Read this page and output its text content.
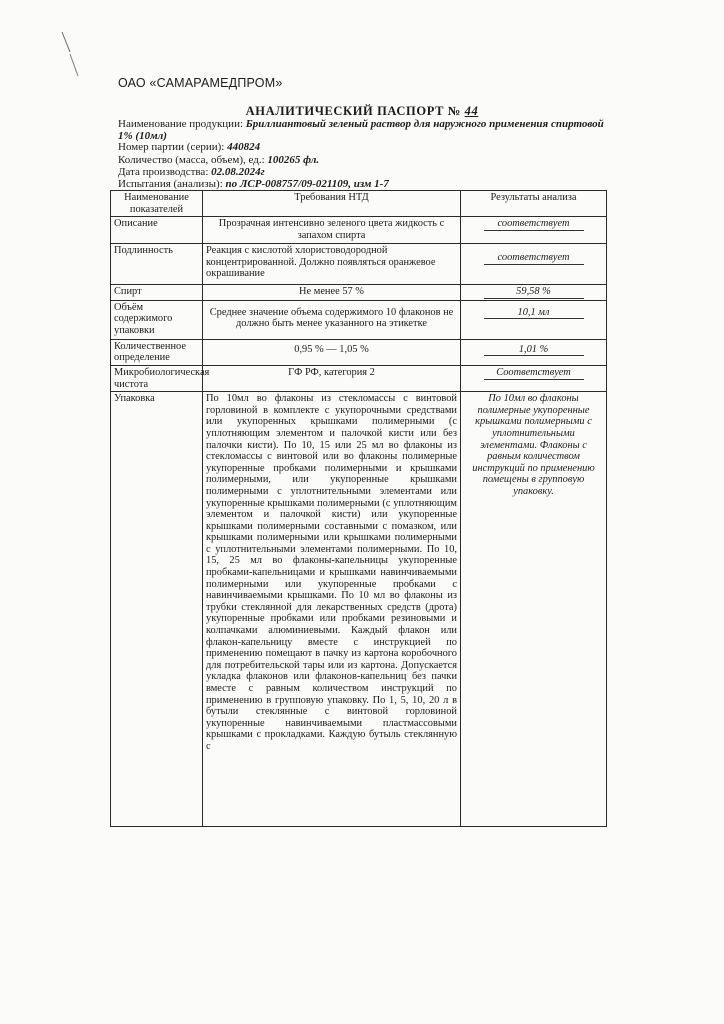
ОАО «САМАРАМЕДПРОМ»
АНАЛИТИЧЕСКИЙ ПАСПОРТ № 44
Наименование продукции: Бриллиантовый зеленый раствор для наружного применения спиртовой 1% (10мл)
Номер партии (серии): 440824
Количество (масса, объем), ед.: 100265 фл.
Дата производства: 02.08.2024г
Испытания (анализы): по ЛСР-008757/09-021109, изм 1-7
Наименование показателей	Требования НТД	Результаты анализа
Описание	Прозрачная интенсивно зеленого цвета жидкость с запахом спирта	соответствует
Подлинность	Реакция с кислотой хлористоводородной концентрированной. Должно появляться оранжевое окрашивание	соответствует
Спирт	Не менее 57 %	59,58 %
Объём содержимого упаковки	Среднее значение объема содержимого 10 флаконов не должно быть менее указанного на этикетке	10,1 мл
Количественное определение	0,95 % — 1,05 %	1,01 %
Микробиологическая чистота	ГФ РФ, категория 2	Соответствует
Упаковка	По 10мл во флаконы из стекломассы с винтовой горловиной в комплекте с укупорочными средствами или укупоренных крышками полимерными (с уплотняющим элементом и палочкой кисти или без палочки кисти). По 10, 15 или 25 мл во флаконы из стекломассы с винтовой или во флаконы полимерные укупоренные пробками полимерными и крышками полимерными, или укупоренные крышками полимерными с уплотнительными элементами или укупоренные крышками полимерными (с уплотняющим элементом и палочкой кисти) или укупоренные крышками полимерными составными с помазком, или крышками полимерными или крышками полимерными с уплотнительными элементами полимерными. По 10, 15, 25 мл во флаконы-капельницы укупоренные пробками-капельницами и крышками навинчиваемыми полимерными или укупоренные пробками с навинчиваемыми крышками. По 10 мл во флаконы из трубки стеклянной для лекарственных средств (дрота) укупоренные пробками или пробками резиновыми и колпачками алюминиевыми. Каждый флакон или флакон-капельницу вместе с инструкцией по применению помещают в пачку из картона коробочного для потребительской тары или из картона. Допускается укладка флаконов или флаконов-капельниц без пачки вместе с равным количеством инструкций по применению в групповую упаковку. По 1, 5, 10, 20 л в бутыли стеклянные с винтовой горловиной укупоренные навинчиваемыми пластмассовыми крышками с прокладками. Каждую бутыль стеклянную с	По 10мл во флаконы полимерные укупоренные крышками полимерными с уплотнительными элементами. Флаконы с равным количеством инструкций по применению помещены в групповую упаковку.
